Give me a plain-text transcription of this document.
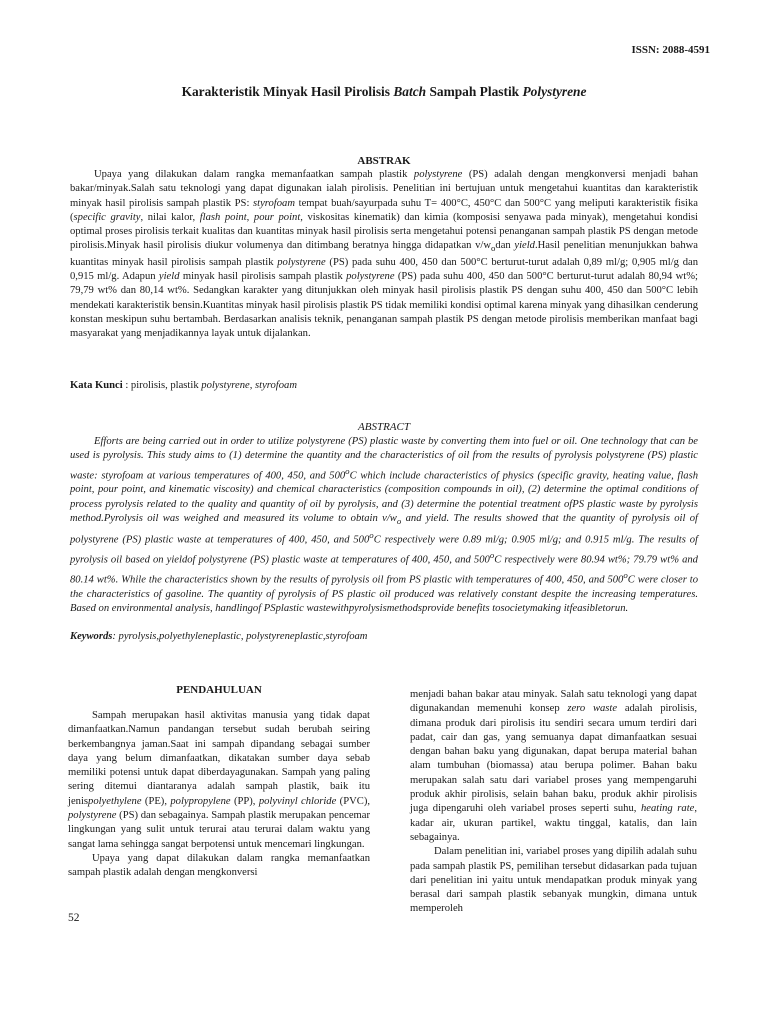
ISSN: 2088-4591
Karakteristik Minyak Hasil Pirolisis Batch Sampah Plastik Polystyrene
ABSTRAK
Upaya yang dilakukan dalam rangka memanfaatkan sampah plastik polystyrene (PS) adalah dengan mengkonversi menjadi bahan bakar/minyak.Salah satu teknologi yang dapat digunakan ialah pirolisis. Penelitian ini bertujuan untuk mengetahui kuantitas dan karakteristik minyak hasil pirolisis sampah plastik PS: styrofoam tempat buah/sayurpada suhu T= 400°C, 450°C dan 500°C yang meliputi karakteristik fisika (specific gravity, nilai kalor, flash point, pour point, viskositas kinematik) dan kimia (komposisi senyawa pada minyak), mengetahui kondisi optimal proses pirolisis terkait kualitas dan kuantitas minyak hasil pirolisis serta mengetahui potensi penanganan sampah plastik PS dengan metode pirolisis.Minyak hasil pirolisis diukur volumenya dan ditimbang beratnya hingga didapatkan $v/w_odan$ yield.Hasil penelitian menunjukkan bahwa kuantitas minyak hasil pirolisis sampah plastik polystyrene (PS) pada suhu 400, 450 dan 500°C berturut-turut adalah 0,89 ml/g; 0,905 ml/g dan 0,915 ml/g. Adapun yield minyak hasil pirolisis sampah plastik polystyrene (PS) pada suhu 400, 450 dan 500°C berturut-turut adalah 80,94 wt%; 79,79 wt% dan 80,14 wt%. Sedangkan karakter yang ditunjukkan oleh minyak hasil pirolisis plastik PS dengan suhu 400, 450 dan 500°C lebih mendekati karakteristik bensin.Kuantitas minyak hasil pirolisis plastik PS tidak memiliki kondisi optimal karena minyak yang dihasilkan cenderung konstan meskipun suhu bertambah. Berdasarkan analisis teknik, penanganan sampah plastik PS dengan metode pirolisis memberikan manfaat bagi masyarakat yang menjadikannya layak untuk dijalankan.
Kata Kunci : pirolisis, plastik polystyrene, styrofoam
ABSTRACT
Efforts are being carried out in order to utilize polystyrene (PS) plastic waste by converting them into fuel or oil. One technology that can be used is pyrolysis. This study aims to (1) determine the quantity and the characteristics of oil from the results of pyrolysis polystyrene (PS) plastic waste: styrofoam at various temperatures of 400, 450, and 500$^o$C which include characteristics of physics (specific gravity, heating value, flash point, pour point, and kinematic viscosity) and chemical characteristics (composition compounds in oil), (2) determine the optimal conditions of process pyrolysis related to the quality and quantity of oil by pyrolysis, and (3) determine the potential treatment ofPS plastic waste by pyrolysis method.Pyrolysis oil was weighed and measured its volume to obtain $v/w_o$ and yield. The results showed that the quantity of pyrolysis oil of polystyrene (PS) plastic waste at temperatures of 400, 450, and 500$^o$C respectively were 0.89 ml/g; 0.905 ml/g; and 0.915 ml/g. The results of pyrolysis oil based on yieldof polystyrene (PS) plastic waste at temperatures of 400, 450, and 500$^o$C respectively were 80.94 wt%; 79.79 wt% and 80.14 wt%. While the characteristics shown by the results of pyrolysis oil from PS plastic with temperatures of 400, 450, and 500$^o$C were closer to the characteristics of gasoline. The quantity of pyrolysis of PS plastic oil produced was relatively constant despite the increasing temperatures. Based on environmental analysis, handlingof PSplastic wastewithpyrolysismethodsprovide benefits tosocietymaking itfeasibletorun.
Keywords: pyrolysis,polyethyleneplastic, polystyreneplastic,styrofoam
PENDAHULUAN

Sampah merupakan hasil aktivitas manusia yang tidak dapat dimanfaatkan.Namun pandangan tersebut sudah berubah seiring berkembangnya jaman.Saat ini sampah dipandang sebagai sumber daya yang belum dimanfaatkan, dikatakan sumber daya sebab memiliki potensi untuk dapat diberdayagunakan. Sampah yang paling sering ditemui diantaranya adalah sampah plastik, baik itu jenispolyethylene (PE), polypropylene (PP), polyvinyl chloride (PVC), polystyrene (PS) dan sebagainya. Sampah plastik merupakan pencemar lingkungan yang sulit untuk terurai atau terurai dalam waktu yang sangat lama sehingga sangat berpotensi untuk mencemari lingkungan.

Upaya yang dapat dilakukan dalam rangka memanfaatkan sampah plastik adalah dengan mengkonversi

menjadi bahan bakar atau minyak. Salah satu teknologi yang dapat digunakandan memenuhi konsep zero waste adalah pirolisis, dimana produk dari pirolisis itu sendiri secara umum terdiri dari padat, cair dan gas, yang semuanya dapat dimanfaatkan sesuai dengan bahan baku yang digunakan, dapat berupa material bahan alam tumbuhan (biomassa) atau berupa polimer. Bahan baku merupakan salah satu dari variabel proses yang mempengaruhi produk akhir pirolisis, selain bahan baku, produk akhir pirolisis juga dipengaruhi oleh variabel proses seperti suhu, heating rate, kadar air, ukuran partikel, waktu tinggal, katalis, dan lain sebagainya.

Dalam penelitian ini, variabel proses yang dipilih adalah suhu pada sampah plastik PS, pemilihan tersebut didasarkan pada tujuan dari penelitian ini yaitu untuk mendapatkan produk minyak yang berasal dari sampah plastik sebanyak mungkin, dimana untuk memperoleh

52
